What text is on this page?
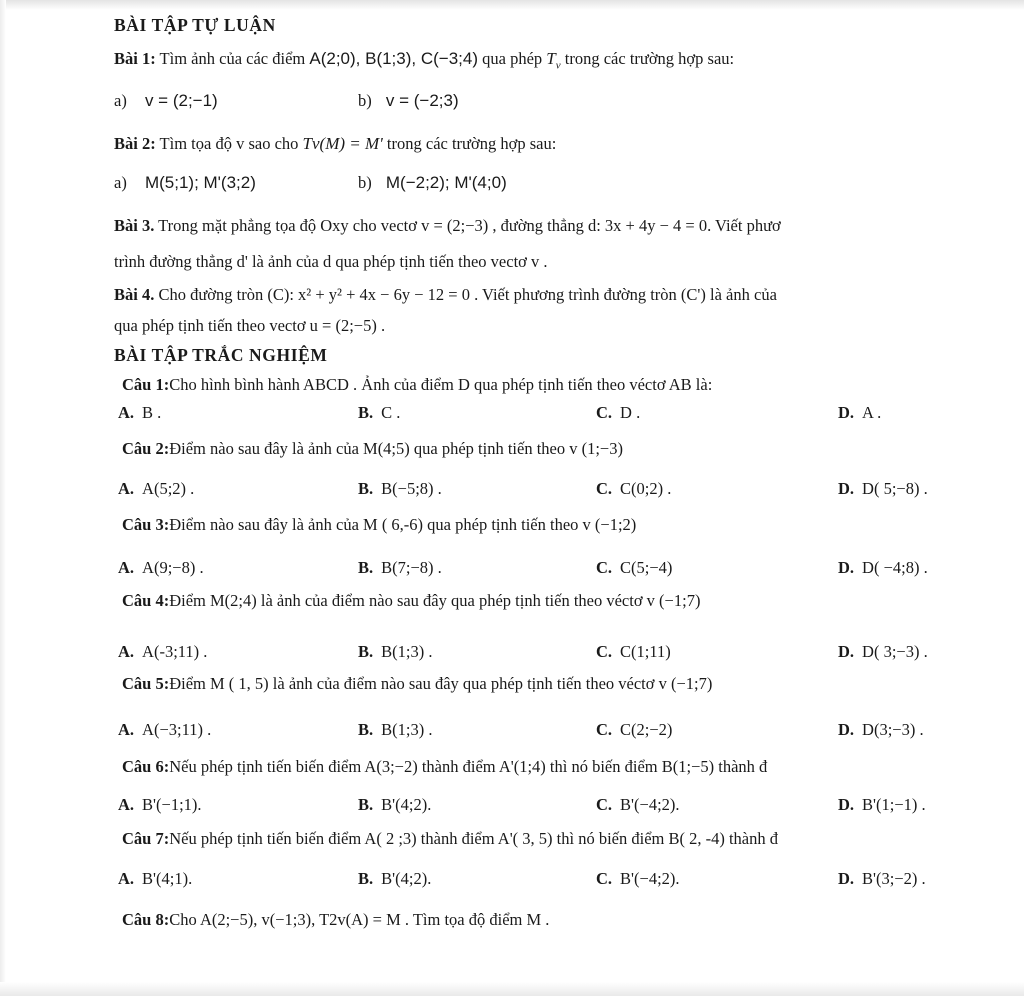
BÀI TẬP TỰ LUẬN
Bài 1: Tìm ảnh của các điểm A(2;0), B(1;3), C(−3;4) qua phép $T_v$ trong các trường hợp sau:
a) v = (2;−1)	b) v = (−2;3)
Bài 2: Tìm tọa độ v sao cho Tv(M) = M' trong các trường hợp sau:
a) M(5;1); M'(3;2)	b) M(−2;2); M'(4;0)
Bài 3. Trong mặt phẳng tọa độ Oxy cho vectơ v = (2;−3) , đường thẳng d: 3x + 4y − 4 = 0. Viết phươ
trình đường thẳng d' là ảnh của d qua phép tịnh tiến theo vectơ v .
Bài 4. Cho đường tròn (C): x² + y² + 4x − 6y − 12 = 0 . Viết phương trình đường tròn (C') là ảnh của
qua phép tịnh tiến theo vectơ u = (2;−5) .
BÀI TẬP TRẮC NGHIỆM
Câu 1:Cho hình bình hành ABCD . Ảnh của điểm D qua phép tịnh tiến theo véctơ AB là:
A. B .	B. C .	C. D .	D. A .
Câu 2:Điểm nào sau đây là ảnh của M(4;5) qua phép tịnh tiến theo v (1;−3)
A. A(5;2) .	B. B(−5;8) .	C. C(0;2) .	D. D( 5;−8) .
Câu 3:Điểm nào sau đây là ảnh của M ( 6,-6) qua phép tịnh tiến theo v (−1;2)
A. A(9;−8) .	B. B(7;−8) .	C. C(5;−4)	D. D( −4;8) .
Câu 4:Điểm M(2;4) là ảnh của điểm nào sau đây qua phép tịnh tiến theo véctơ v (−1;7)
A. A(-3;11) .	B. B(1;3) .	C. C(1;11)	D. D( 3;−3) .
Câu 5:Điểm M ( 1, 5) là ảnh của điểm nào sau đây qua phép tịnh tiến theo véctơ v (−1;7)
A. A(−3;11) .	B. B(1;3) .	C. C(2;−2)	D. D(3;−3) .
Câu 6:Nếu phép tịnh tiến biến điểm A(3;−2) thành điểm A'(1;4) thì nó biến điểm B(1;−5) thành đ
A. B'(−1;1).	B. B'(4;2).	C. B'(−4;2).	D. B'(1;−1) .
Câu 7:Nếu phép tịnh tiến biến điểm A( 2 ;3) thành điểm A'( 3, 5) thì nó biến điểm B( 2, -4) thành đ
A. B'(4;1).	B. B'(4;2).	C. B'(−4;2).	D. B'(3;−2) .
Câu 8:Cho A(2;−5), v(−1;3), T2v(A) = M . Tìm tọa độ điểm M .
